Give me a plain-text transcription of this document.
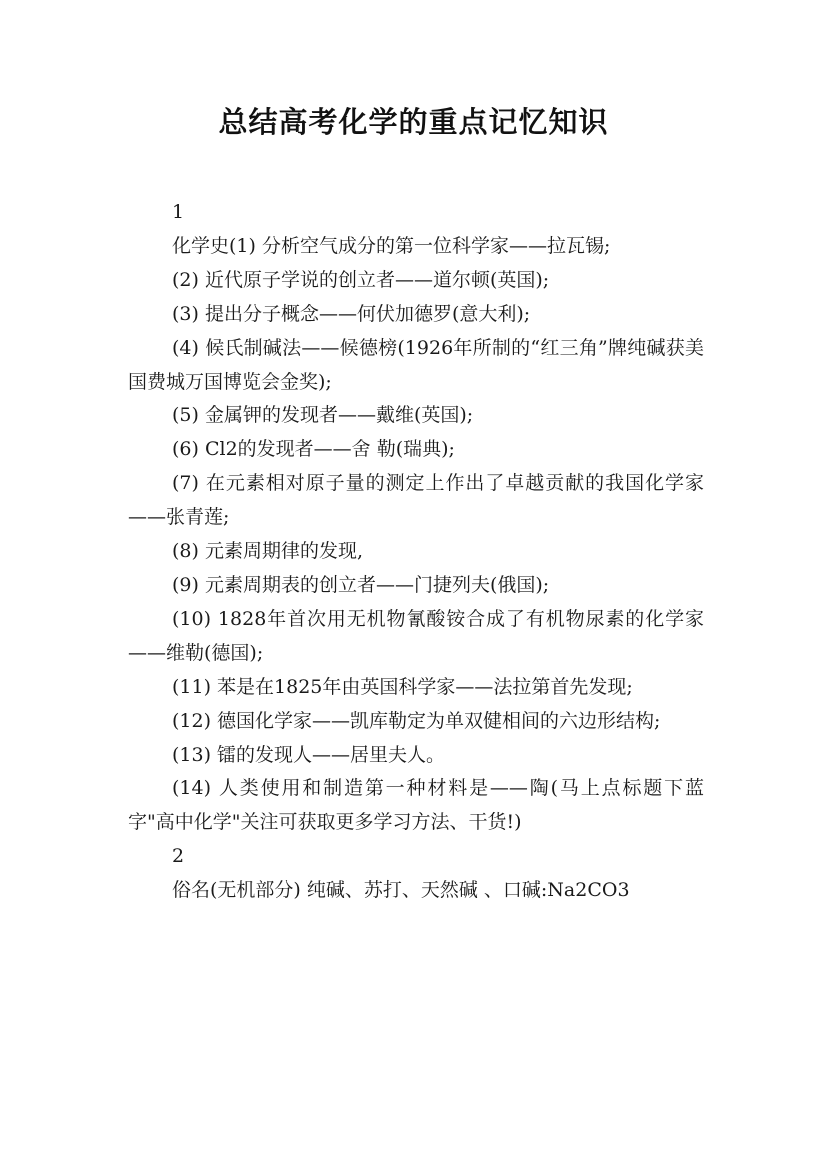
总结高考化学的重点记忆知识

1

化学史(1) 分析空气成分的第一位科学家——拉瓦锡;

(2) 近代原子学说的创立者——道尔顿(英国);

(3) 提出分子概念——何伏加德罗(意大利);

(4) 候氏制碱法——候德榜(1926年所制的“红三角”牌纯碱获美国费城万国博览会金奖);

(5) 金属钾的发现者——戴维(英国);

(6) Cl2的发现者——舍 勒(瑞典);

(7) 在元素相对原子量的测定上作出了卓越贡献的我国化学家——张青莲;

(8) 元素周期律的发现,

(9) 元素周期表的创立者——门捷列夫(俄国);

(10) 1828年首次用无机物氰酸铵合成了有机物尿素的化学家——维勒(德国);

(11) 苯是在1825年由英国科学家——法拉第首先发现;

(12) 德国化学家——凯库勒定为单双健相间的六边形结构;

(13) 镭的发现人——居里夫人。

(14) 人类使用和制造第一种材料是——陶(马上点标题下蓝字"高中化学"关注可获取更多学习方法、干货!)

2

俗名(无机部分) 纯碱、苏打、天然碱 、口碱:Na2CO3
